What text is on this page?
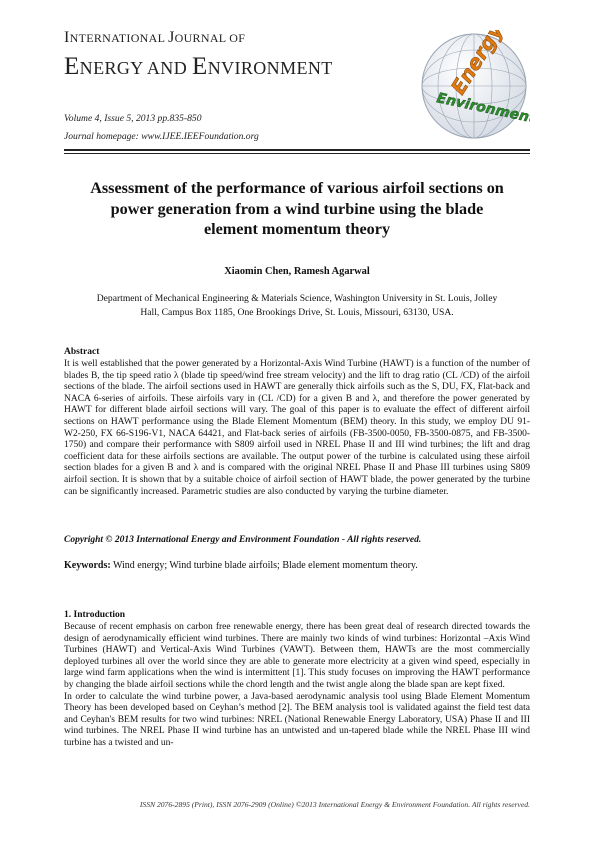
INTERNATIONAL JOURNAL OF
ENERGY AND ENVIRONMENT
Volume 4, Issue 5, 2013 pp.835-850
Journal homepage: www.IJEE.IEEFoundation.org
Energy
Environment
Assessment of the performance of various airfoil sections on
power generation from a wind turbine using the blade
element momentum theory
Xiaomin Chen, Ramesh Agarwal
Department of Mechanical Engineering & Materials Science, Washington University in St. Louis, Jolley
Hall, Campus Box 1185, One Brookings Drive, St. Louis, Missouri, 63130, USA.
Abstract

It is well established that the power generated by a Horizontal-Axis Wind Turbine (HAWT) is a function of the number of blades B, the tip speed ratio λ (blade tip speed/wind free stream velocity) and the lift to drag ratio (CL /CD) of the airfoil sections of the blade. The airfoil sections used in HAWT are generally thick airfoils such as the S, DU, FX, Flat-back and NACA 6-series of airfoils. These airfoils vary in (CL /CD) for a given B and λ, and therefore the power generated by HAWT for different blade airfoil sections will vary. The goal of this paper is to evaluate the effect of different airfoil sections on HAWT performance using the Blade Element Momentum (BEM) theory. In this study, we employ DU 91-W2-250, FX 66-S196-V1, NACA 64421, and Flat-back series of airfoils (FB-3500-0050, FB-3500-0875, and FB-3500-1750) and compare their performance with S809 airfoil used in NREL Phase II and III wind turbines; the lift and drag coefficient data for these airfoils sections are available. The output power of the turbine is calculated using these airfoil section blades for a given B and λ and is compared with the original NREL Phase II and Phase III turbines using S809 airfoil section. It is shown that by a suitable choice of airfoil section of HAWT blade, the power generated by the turbine can be significantly increased. Parametric studies are also conducted by varying the turbine diameter.

Copyright © 2013 International Energy and Environment Foundation - All rights reserved.
Keywords: Wind energy; Wind turbine blade airfoils; Blade element momentum theory.
1. Introduction

Because of recent emphasis on carbon free renewable energy, there has been great deal of research directed towards the design of aerodynamically efficient wind turbines. There are mainly two kinds of wind turbines: Horizontal –Axis Wind Turbines (HAWT) and Vertical-Axis Wind Turbines (VAWT). Between them, HAWTs are the most commercially deployed turbines all over the world since they are able to generate more electricity at a given wind speed, especially in large wind farm applications when the wind is intermittent [1]. This study focuses on improving the HAWT performance by changing the blade airfoil sections while the chord length and the twist angle along the blade span are kept fixed.

In order to calculate the wind turbine power, a Java-based aerodynamic analysis tool using Blade Element Momentum Theory has been developed based on Ceyhan’s method [2]. The BEM analysis tool is validated against the field test data and Ceyhan's BEM results for two wind turbines: NREL (National Renewable Energy Laboratory, USA) Phase II and III wind turbines. The NREL Phase II wind turbine has an untwisted and un-tapered blade while the NREL Phase III wind turbine has a twisted and un-

ISSN 2076-2895 (Print), ISSN 2076-2909 (Online) ©2013 International Energy & Environment Foundation. All rights reserved.
